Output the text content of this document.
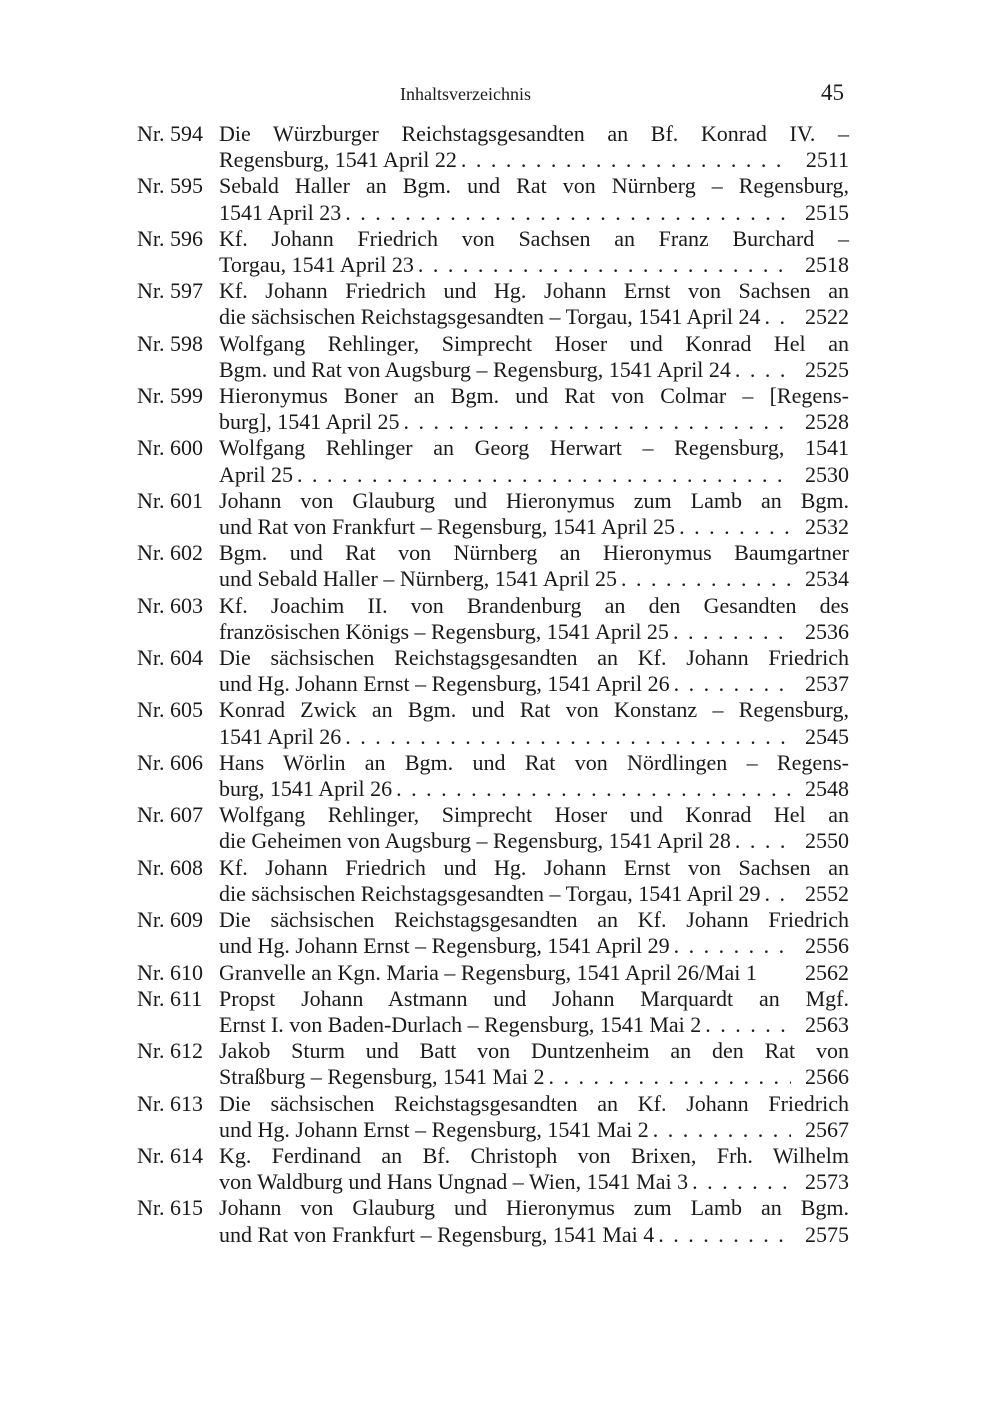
Inhaltsverzeichnis	45
Nr. 594 Die Würzburger Reichstagsgesandten an Bf. Konrad IV. –
Regensburg, 1541 April 22 . . .	2511
Nr. 595 Sebald Haller an Bgm. und Rat von Nürnberg – Regensburg,
1541 April 23 . . .	2515
Nr. 596 Kf. Johann Friedrich von Sachsen an Franz Burchard –
Torgau, 1541 April 23 . . .	2518
Nr. 597 Kf. Johann Friedrich und Hg. Johann Ernst von Sachsen an
die sächsischen Reichstagsgesandten – Torgau, 1541 April 24 . . . 2522
Nr. 598 Wolfgang Rehlinger, Simprecht Hoser und Konrad Hel an
Bgm. und Rat von Augsburg – Regensburg, 1541 April 24 . . .	2525
Nr. 599 Hieronymus Boner an Bgm. und Rat von Colmar – [Regens-
burg], 1541 April 25 . . .	2528
Nr. 600 Wolfgang Rehlinger an Georg Herwart – Regensburg, 1541
April 25 . . .	2530
Nr. 601 Johann von Glauburg und Hieronymus zum Lamb an Bgm.
und Rat von Frankfurt – Regensburg, 1541 April 25 . . .	2532
Nr. 602 Bgm. und Rat von Nürnberg an Hieronymus Baumgartner
und Sebald Haller – Nürnberg, 1541 April 25 . . .	2534
Nr. 603 Kf. Joachim II. von Brandenburg an den Gesandten des
französischen Königs – Regensburg, 1541 April 25 . . .	2536
Nr. 604 Die sächsischen Reichstagsgesandten an Kf. Johann Friedrich
und Hg. Johann Ernst – Regensburg, 1541 April 26 . . .	2537
Nr. 605 Konrad Zwick an Bgm. und Rat von Konstanz – Regensburg,
1541 April 26 . . .	2545
Nr. 606 Hans Wörlin an Bgm. und Rat von Nördlingen – Regens-
burg, 1541 April 26 . . .	2548
Nr. 607 Wolfgang Rehlinger, Simprecht Hoser und Konrad Hel an
die Geheimen von Augsburg – Regensburg, 1541 April 28 . . .	2550
Nr. 608 Kf. Johann Friedrich und Hg. Johann Ernst von Sachsen an
die sächsischen Reichstagsgesandten – Torgau, 1541 April 29 . . . 2552
Nr. 609 Die sächsischen Reichstagsgesandten an Kf. Johann Friedrich
und Hg. Johann Ernst – Regensburg, 1541 April 29 . . .	2556
Nr. 610 Granvelle an Kgn. Maria – Regensburg, 1541 April 26/Mai 1	2562
Nr. 611 Propst Johann Astmann und Johann Marquardt an Mgf.
Ernst I. von Baden-Durlach – Regensburg, 1541 Mai 2 . . .	2563
Nr. 612 Jakob Sturm und Batt von Duntzenheim an den Rat von
Straßburg – Regensburg, 1541 Mai 2 . . .	2566
Nr. 613 Die sächsischen Reichstagsgesandten an Kf. Johann Friedrich
und Hg. Johann Ernst – Regensburg, 1541 Mai 2 . . .	2567
Nr. 614 Kg. Ferdinand an Bf. Christoph von Brixen, Frh. Wilhelm
von Waldburg und Hans Ungnad – Wien, 1541 Mai 3 . . .	2573
Nr. 615 Johann von Glauburg und Hieronymus zum Lamb an Bgm.
und Rat von Frankfurt – Regensburg, 1541 Mai 4 . . .	2575
